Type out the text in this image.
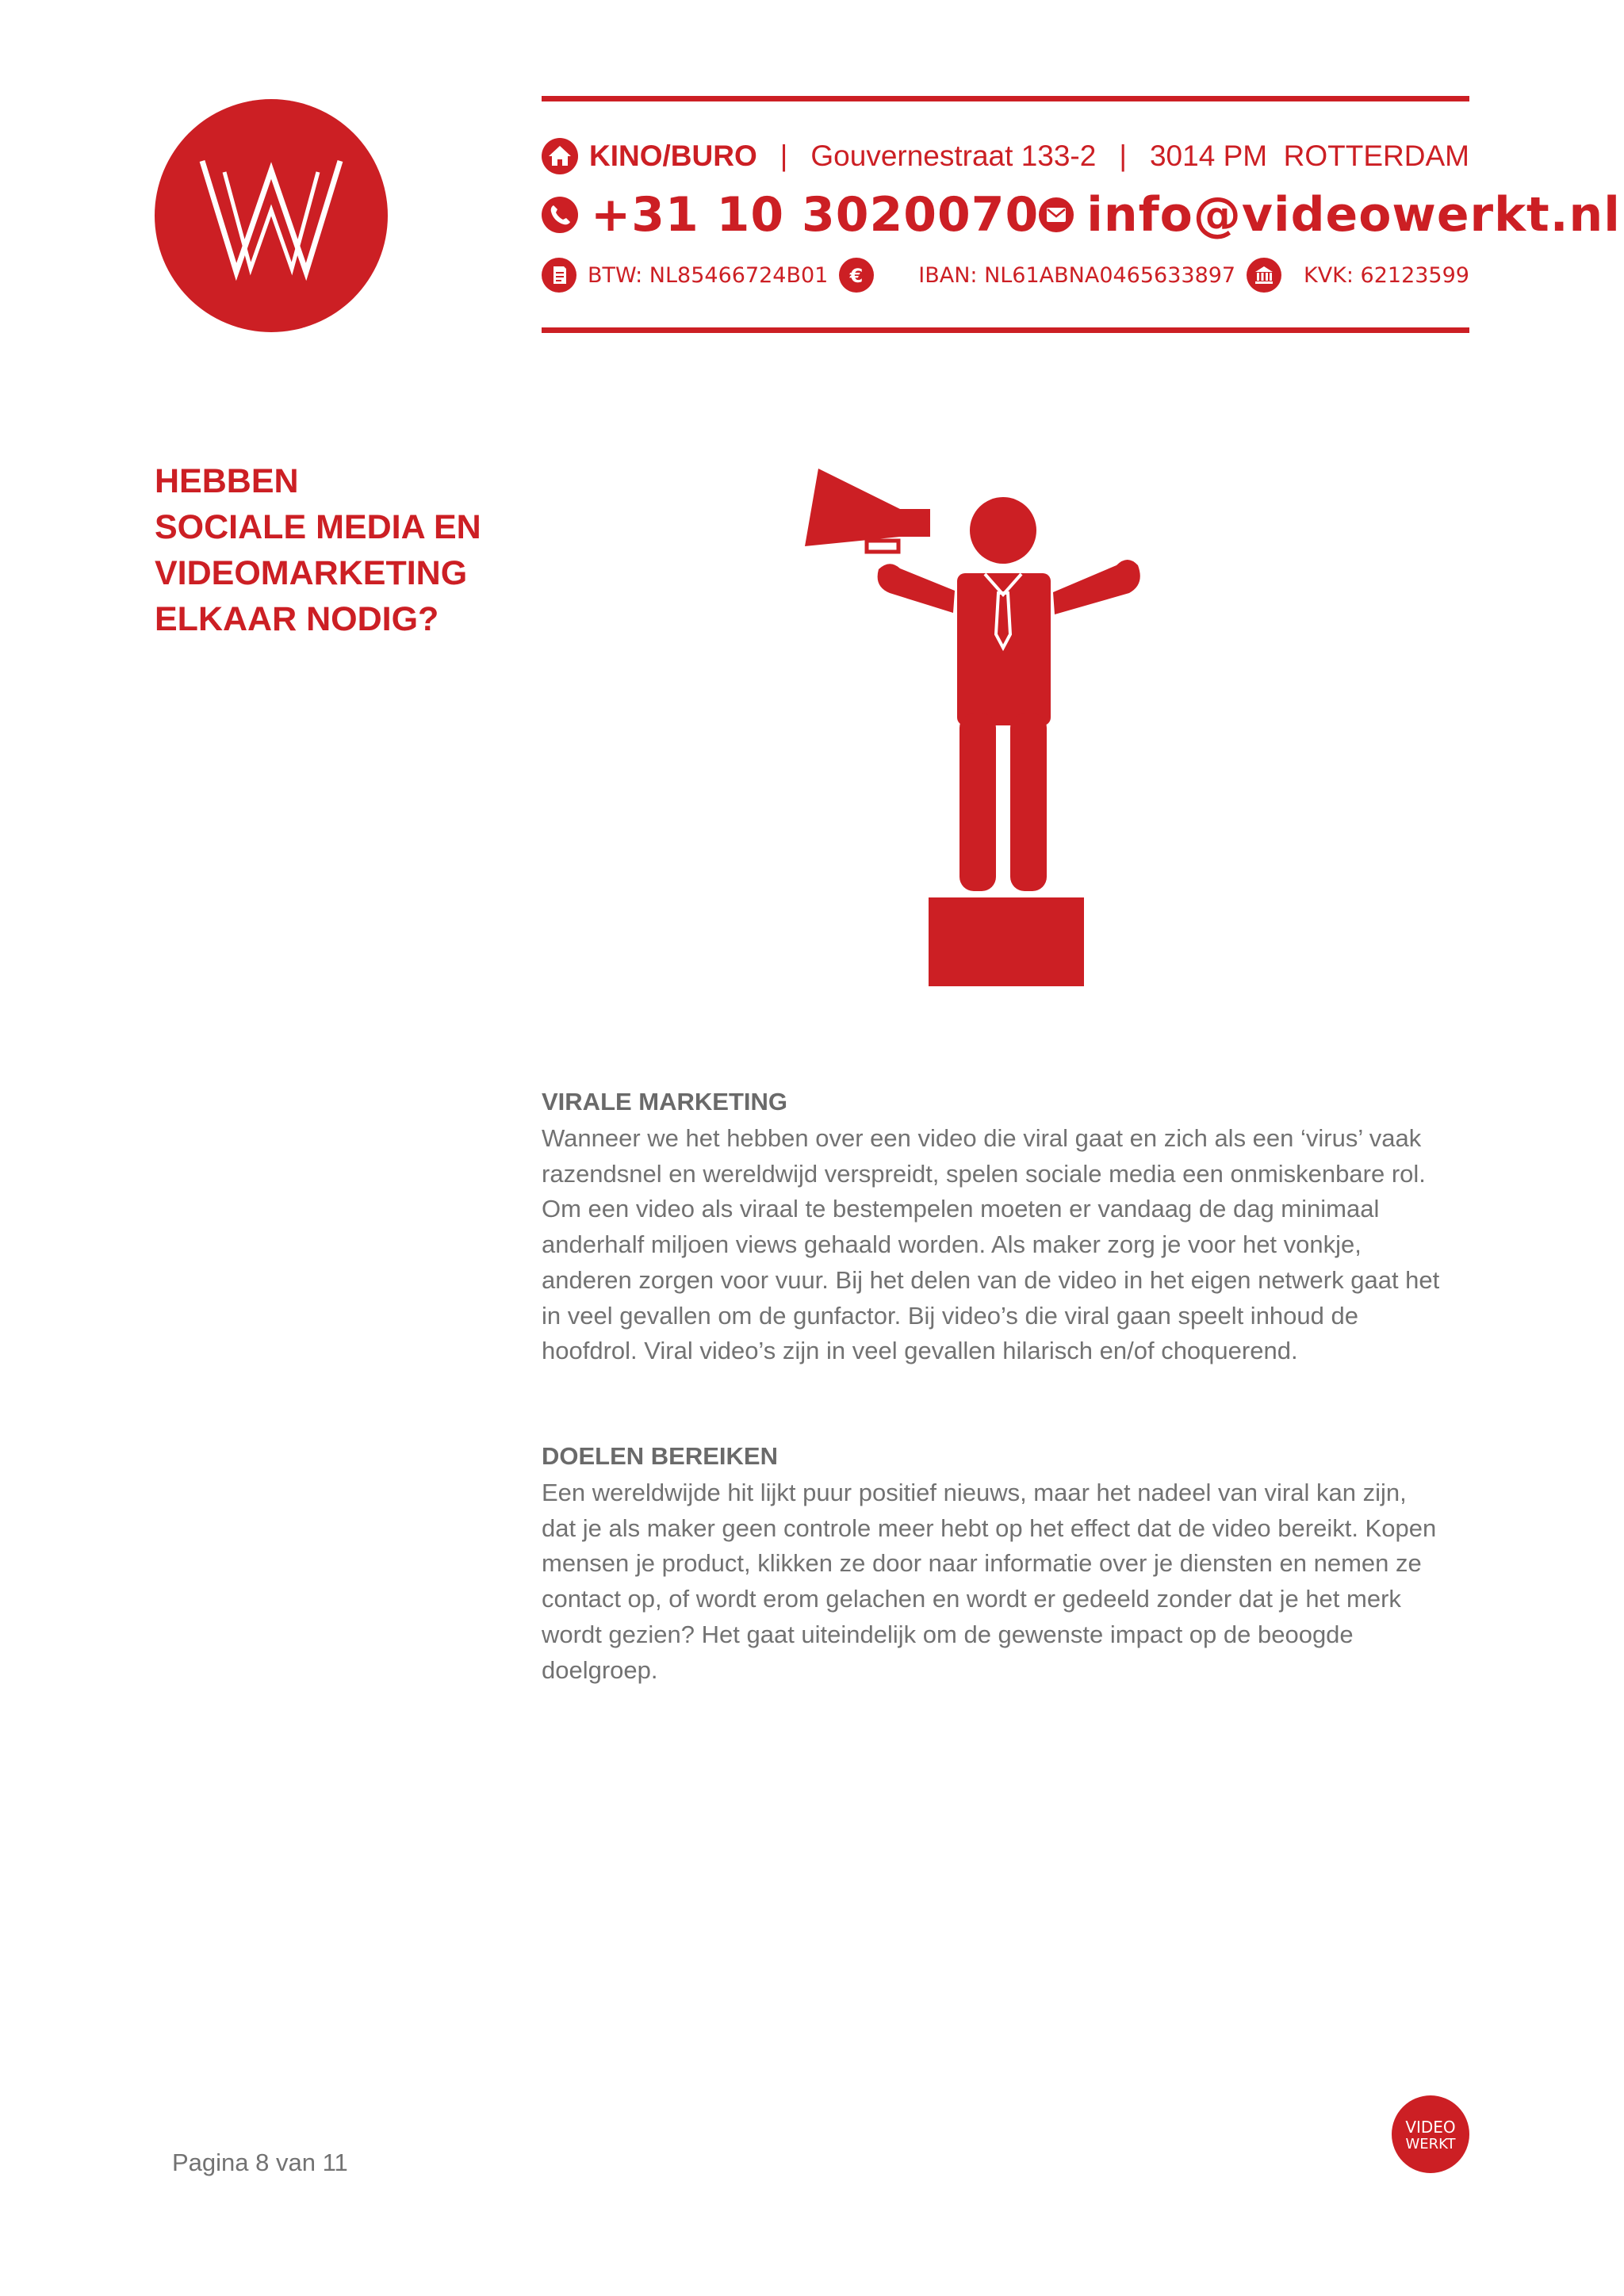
KINO/BURO | Gouvernestraat 133-2 | 3014 PM  ROTTERDAM
+31 10 3020070 info@videowerkt.nl
BTW: NL85466724B01 €	IBAN: NL61ABNA0465633897	KVK: 62123599
HEBBEN
SOCIALE MEDIA EN
VIDEOMARKETING
ELKAAR NODIG?
VIRALE MARKETING

Wanneer we het hebben over een video die viral gaat en zich als een ‘virus’ vaak
razendsnel en wereldwijd verspreidt, spelen sociale media een onmiskenbare rol.
Om een video als viraal te bestempelen moeten er vandaag de dag minimaal
anderhalf miljoen views gehaald worden. Als maker zorg je voor het vonkje,
anderen zorgen voor vuur. Bij het delen van de video in het eigen netwerk gaat het
in veel gevallen om de gunfactor. Bij video’s die viral gaan speelt inhoud de
hoofdrol. Viral video’s zijn in veel gevallen hilarisch en/of choquerend.

DOELEN BEREIKEN

Een wereldwijde hit lijkt puur positief nieuws, maar het nadeel van viral kan zijn,
dat je als maker geen controle meer hebt op het effect dat de video bereikt. Kopen
mensen je product, klikken ze door naar informatie over je diensten en nemen ze
contact op, of wordt erom gelachen en wordt er gedeeld zonder dat je het merk
wordt gezien? Het gaat uiteindelijk om de gewenste impact op de beoogde
doelgroep.

Pagina 8 van 11
VIDEO
WERKT
